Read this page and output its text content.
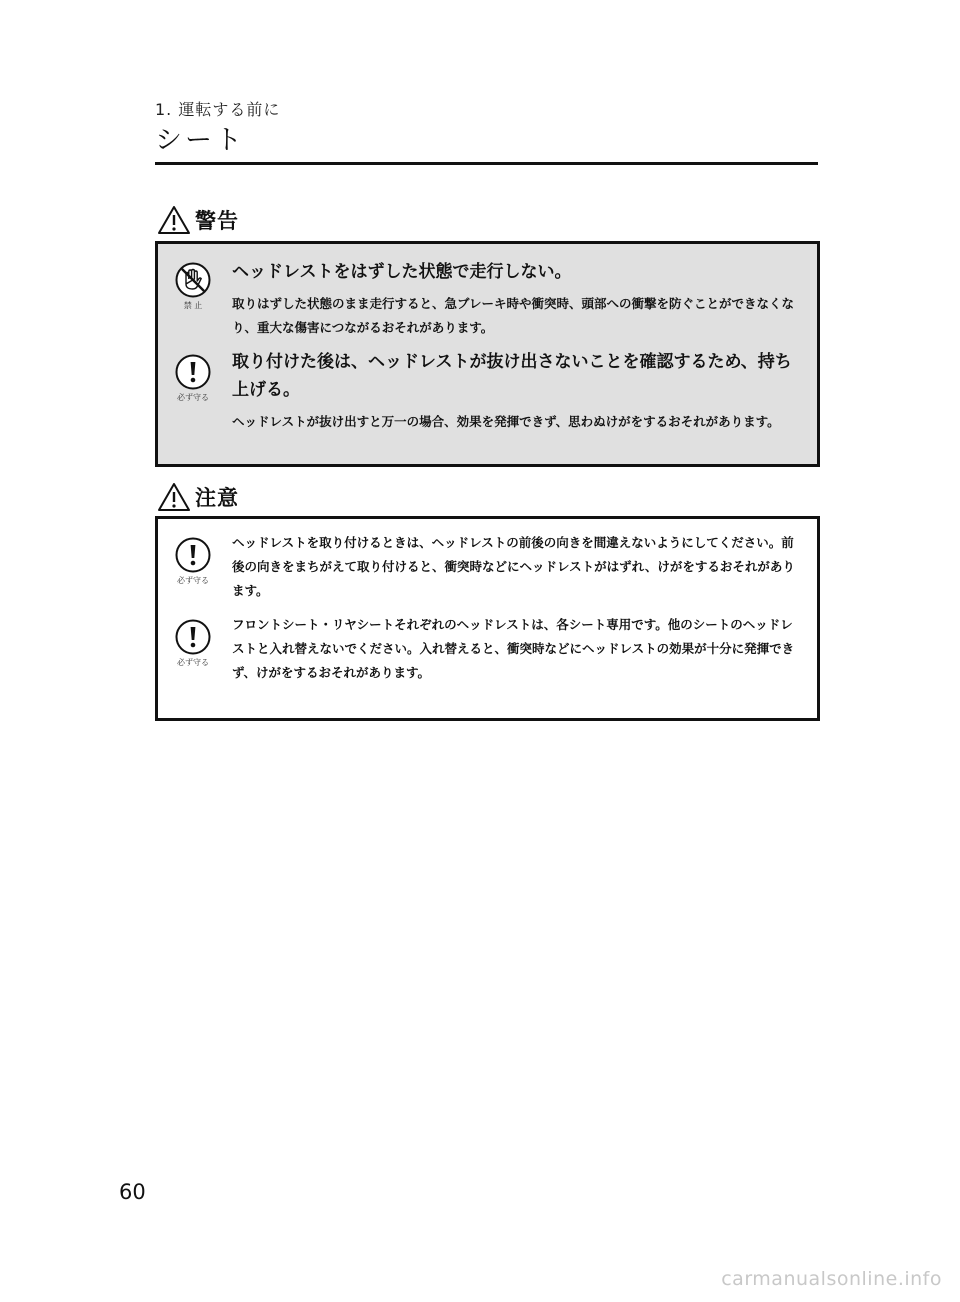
1. 運転する前に
シート
警告
禁 止
ヘッドレストをはずした状態で走行しない。
取りはずした状態のまま走行すると、急ブレーキ時や衝突時、頭部への衝撃を防ぐことができなくなり、重大な傷害につながるおそれがあります。
必ず守る
取り付けた後は、ヘッドレストが抜け出さないことを確認するため、持ち上げる。
ヘッドレストが抜け出すと万一の場合、効果を発揮できず、思わぬけがをするおそれがあります。
注意
必ず守る
ヘッドレストを取り付けるときは、ヘッドレストの前後の向きを間違えないようにしてください。前後の向きをまちがえて取り付けると、衝突時などにヘッドレストがはずれ、けがをするおそれがあります。
必ず守る
フロントシート・リヤシートそれぞれのヘッドレストは、各シート専用です。他のシートのヘッドレストと入れ替えないでください。入れ替えると、衝突時などにヘッドレストの効果が十分に発揮できず、けがをするおそれがあります。
60
carmanualsonline.info
